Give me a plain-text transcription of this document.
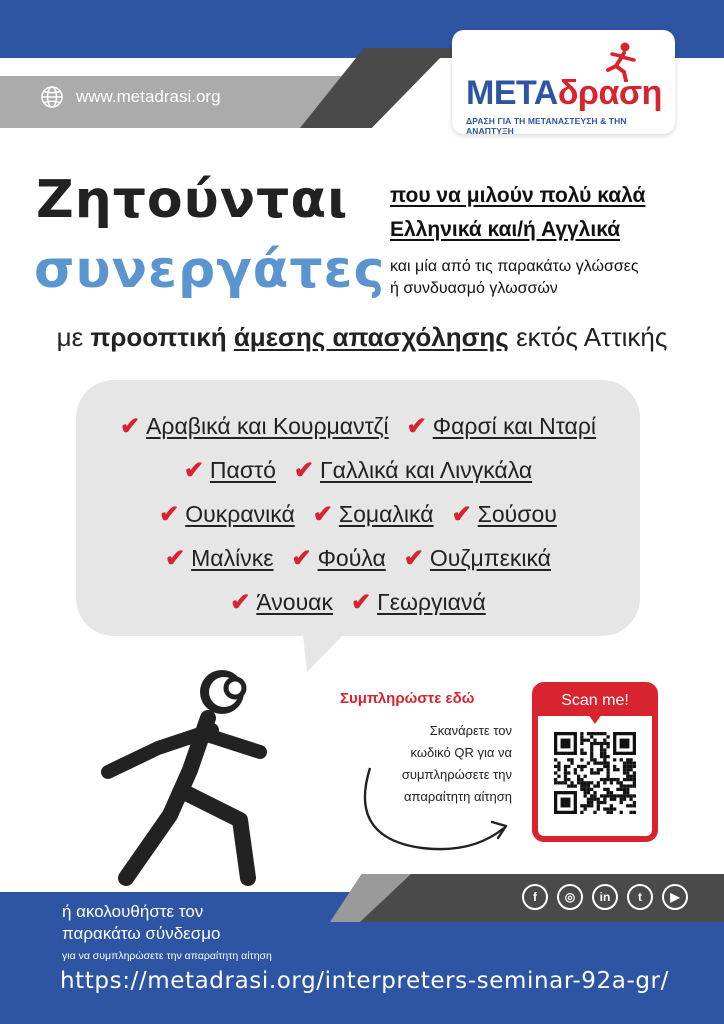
www.metadrasi.org	ΜΕΤΑδραση
ΔΡΑΣΗ ΓΙΑ ΤΗ ΜΕΤΑΝΑΣΤΕΥΣΗ & ΤΗΝ ΑΝΑΠΤΥΞΗ
Ζητούνται
συνεργάτες
που να μιλούν πολύ καλά
Ελληνικά και/ή Αγγλικά
και μία από τις παρακάτω γλώσσες
ή συνδυασμό γλωσσών
με προοπτική άμεσης απασχόλησης εκτός Αττικής
✔ Αραβικά και Κουρμαντζί ✔ Φαρσί και Νταρί
✔ Παστό ✔ Γαλλικά και Λινγκάλα
✔ Ουκρανικά ✔ Σομαλικά ✔ Σούσου
✔ Μαλίνκε ✔ Φούλα ✔ Ουζμπεκικά
✔ Άνουακ ✔ Γεωργιανά
Συμπληρώστε εδώ
Σκανάρετε τον
κωδικό QR για να
συμπληρώσετε την
απαραίτητη αίτηση
Scan me!
f	◎	in	t	▶
ή ακολουθήστε τον
παρακάτω σύνδεσμο
για να συμπληρώσετε την απαραίτητη αίτηση
https://metadrasi.org/interpreters-seminar-92a-gr/
